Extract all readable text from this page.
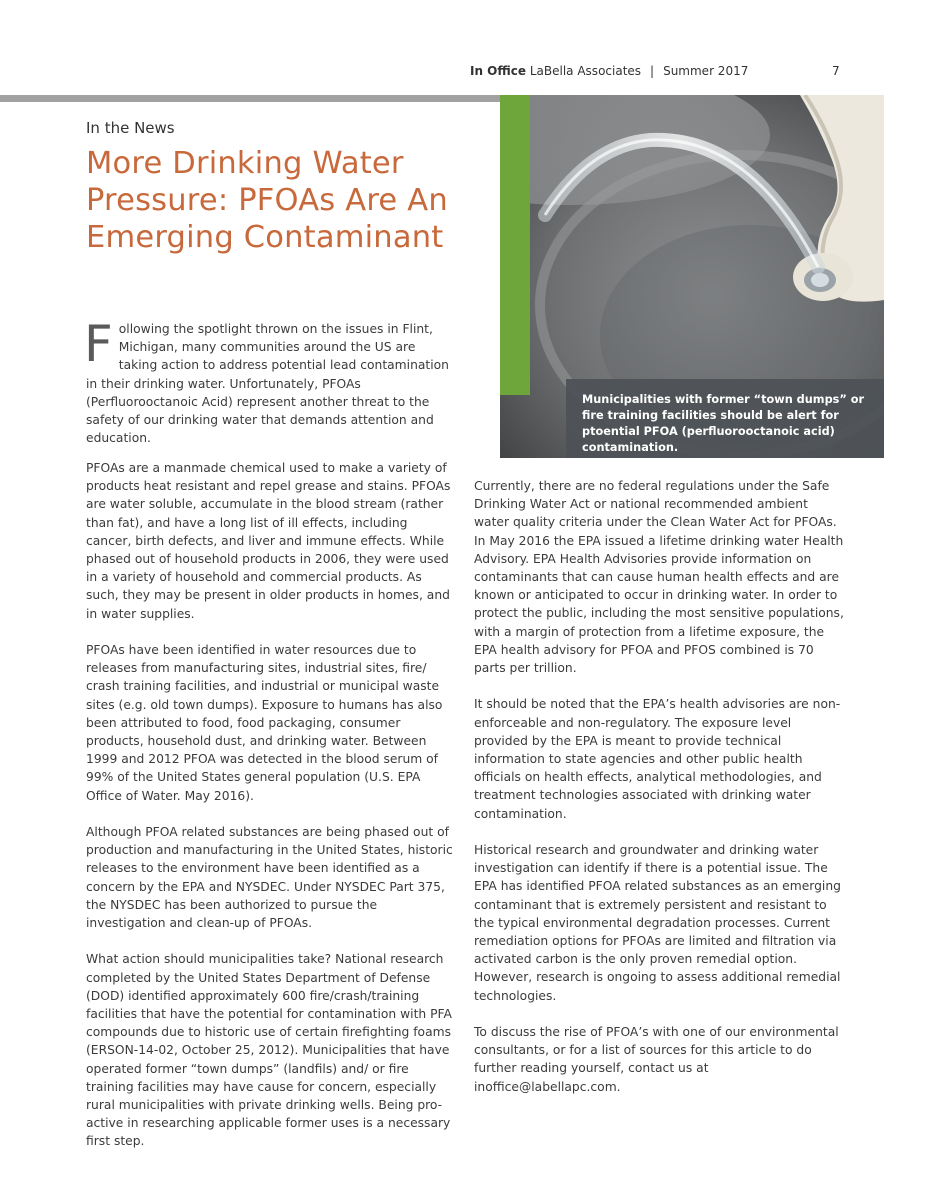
In Office LaBella Associates | Summer 2017	7

Municipalities with former “town dumps” or fire training facilities should be alert for ptoential PFOA (perfluorooctanoic acid) contamination.

In the News
More Drinking Water Pressure: PFOAs Are An Emerging Contaminant
F ollowing the spotlight thrown on the issues in Flint, Michigan, many communities around the US are taking action to address potential lead contamination in their drinking water. Unfortunately, PFOAs (Perfluorooctanoic Acid) represent another threat to the safety of our drinking water that demands attention and education.

PFOAs are a manmade chemical used to make a variety of products heat resistant and repel grease and stains. PFOAs are water soluble, accumulate in the blood stream (rather than fat), and have a long list of ill effects, including cancer, birth defects, and liver and immune effects. While phased out of household products in 2006, they were used in a variety of household and commercial products. As such, they may be present in older products in homes, and in water supplies.

PFOAs have been identified in water resources due to releases from manufacturing sites, industrial sites, fire/ crash training facilities, and industrial or municipal waste sites (e.g. old town dumps). Exposure to humans has also been attributed to food, food packaging, consumer products, household dust, and drinking water. Between 1999 and 2012 PFOA was detected in the blood serum of 99% of the United States general population (U.S. EPA Office of Water. May 2016).

Although PFOA related substances are being phased out of production and manufacturing in the United States, historic releases to the environment have been identified as a concern by the EPA and NYSDEC. Under NYSDEC Part 375, the NYSDEC has been authorized to pursue the investigation and clean-up of PFOAs.

What action should municipalities take? National research completed by the United States Department of Defense (DOD) identified approximately 600 fire/crash/training facilities that have the potential for contamination with PFA compounds due to historic use of certain firefighting foams (ERSON-14-02, October 25, 2012). Municipalities that have operated former “town dumps” (landfils) and/ or fire training facilities may have cause for concern, especially rural municipalities with private drinking wells. Being pro-active in researching applicable former uses is a necessary first step.

Currently, there are no federal regulations under the Safe Drinking Water Act or national recommended ambient water quality criteria under the Clean Water Act for PFOAs. In May 2016 the EPA issued a lifetime drinking water Health Advisory. EPA Health Advisories provide information on contaminants that can cause human health effects and are known or anticipated to occur in drinking water. In order to protect the public, including the most sensitive populations, with a margin of protection from a lifetime exposure, the EPA health advisory for PFOA and PFOS combined is 70 parts per trillion.

It should be noted that the EPA’s health advisories are non-enforceable and non-regulatory. The exposure level provided by the EPA is meant to provide technical information to state agencies and other public health officials on health effects, analytical methodologies, and treatment technologies associated with drinking water contamination.

Historical research and groundwater and drinking water investigation can identify if there is a potential issue. The EPA has identified PFOA related substances as an emerging contaminant that is extremely persistent and resistant to the typical environmental degradation processes. Current remediation options for PFOAs are limited and filtration via activated carbon is the only proven remedial option. However, research is ongoing to assess additional remedial technologies.

To discuss the rise of PFOA’s with one of our environmental consultants, or for a list of sources for this article to do further reading yourself, contact us at inoffice@labellapc.com.
